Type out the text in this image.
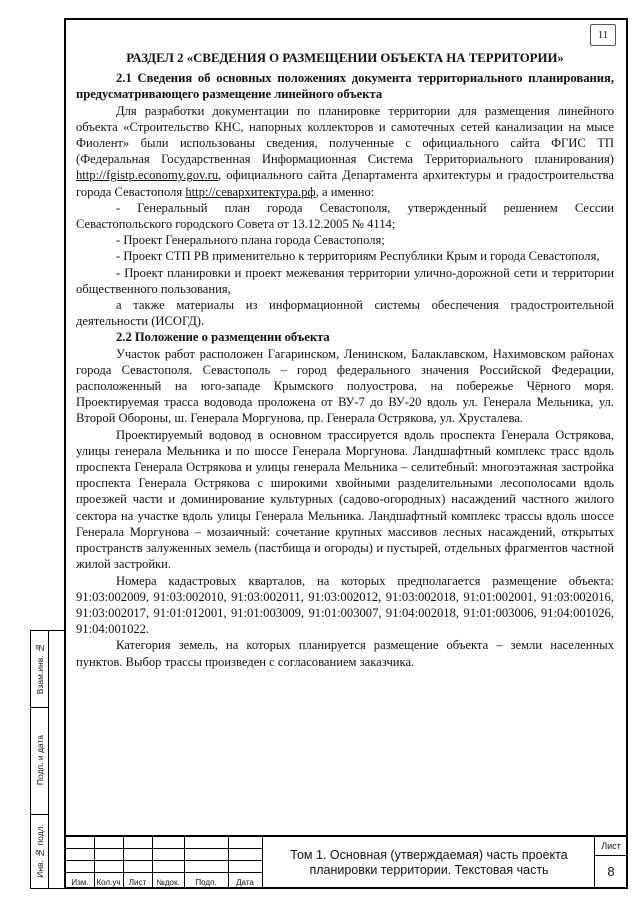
11

РАЗДЕЛ 2 «СВЕДЕНИЯ О РАЗМЕЩЕНИИ ОБЪЕКТА НА ТЕРРИТОРИИ»

2.1 Сведения об основных положениях документа территориального планирования, предусматривающего размещение линейного объекта

Для разработки документации по планировке территории для размещения линейного объекта «Строительство КНС, напорных коллекторов и самотечных сетей канализации на мысе Фиолент» были использованы сведения, полученные с официального сайта ФГИС ТП (Федеральная Государственная Информационная Система Территориального планирования) http://fgistp.economy.gov.ru, официального сайта Департамента архитектуры и градостроительства города Севастополя http://севархитектура.рф, а именно:

- Генеральный план города Севастополя, утвержденный решением Сессии Севастопольского городского Совета от 13.12.2005 № 4114;

- Проект Генерального плана города Севастополя;

- Проект СТП РВ применительно к территориям Республики Крым и города Севастополя,

- Проект планировки и проект межевания территории улично-дорожной сети и территории общественного пользования,

а также материалы из информационной системы обеспечения градостроительной деятельности (ИСОГД).

2.2 Положение о размещении объекта

Участок работ расположен Гагаринском, Ленинском, Балаклавском, Нахимовском районах города Севастополя. Севастополь – город федерального значения Российской Федерации, расположенный на юго-западе Крымского полуострова, на побережье Чёрного моря. Проектируемая трасса водовода проложена от ВУ-7 до ВУ-20 вдоль ул. Генерала Мельника, ул. Второй Обороны, ш. Генерала Моргунова, пр. Генерала Острякова, ул. Хрусталева.

Проектируемый водовод в основном трассируется вдоль проспекта Генерала Острякова, улицы генерала Мельника и по шоссе Генерала Моргунова. Ландшафтный комплекс трасс вдоль проспекта Генерала Острякова и улицы генерала Мельника – селитебный: многоэтажная застройка проспекта Генерала Острякова с широкими хвойными разделительными лесополосами вдоль проезжей части и доминирование культурных (садово-огородных) насаждений частного жилого сектора на участке вдоль улицы Генерала Мельника. Ландшафтный комплекс трассы вдоль шоссе Генерала Моргунова – мозаичный: сочетание крупных массивов лесных насаждений, открытых пространств залуженных земель (пастбища и огороды) и пустырей, отдельных фрагментов частной жилой застройки.

Номера кадастровых кварталов, на которых предполагается размещение объекта: 91:03:002009, 91:03:002010, 91:03:002011, 91:03:002012, 91:03:002018, 91:01:002001, 91:03:002016, 91:03:002017, 91:01:012001, 91:01:003009, 91:01:003007, 91:04:002018, 91:01:003006, 91:04:001026, 91:04:001022.

Категория земель, на которых планируется размещение объекта – земли населенных пунктов. Выбор трассы произведен с согласованием заказчика.

Взам.инв. №
Подп. и дата
Инв. № подл.
Изм. Кол.уч	Лист	№док.	Подп.	Дата
Том 1. Основная (утверждаемая) часть проекта планировки территории. Текстовая часть
Лист
8
